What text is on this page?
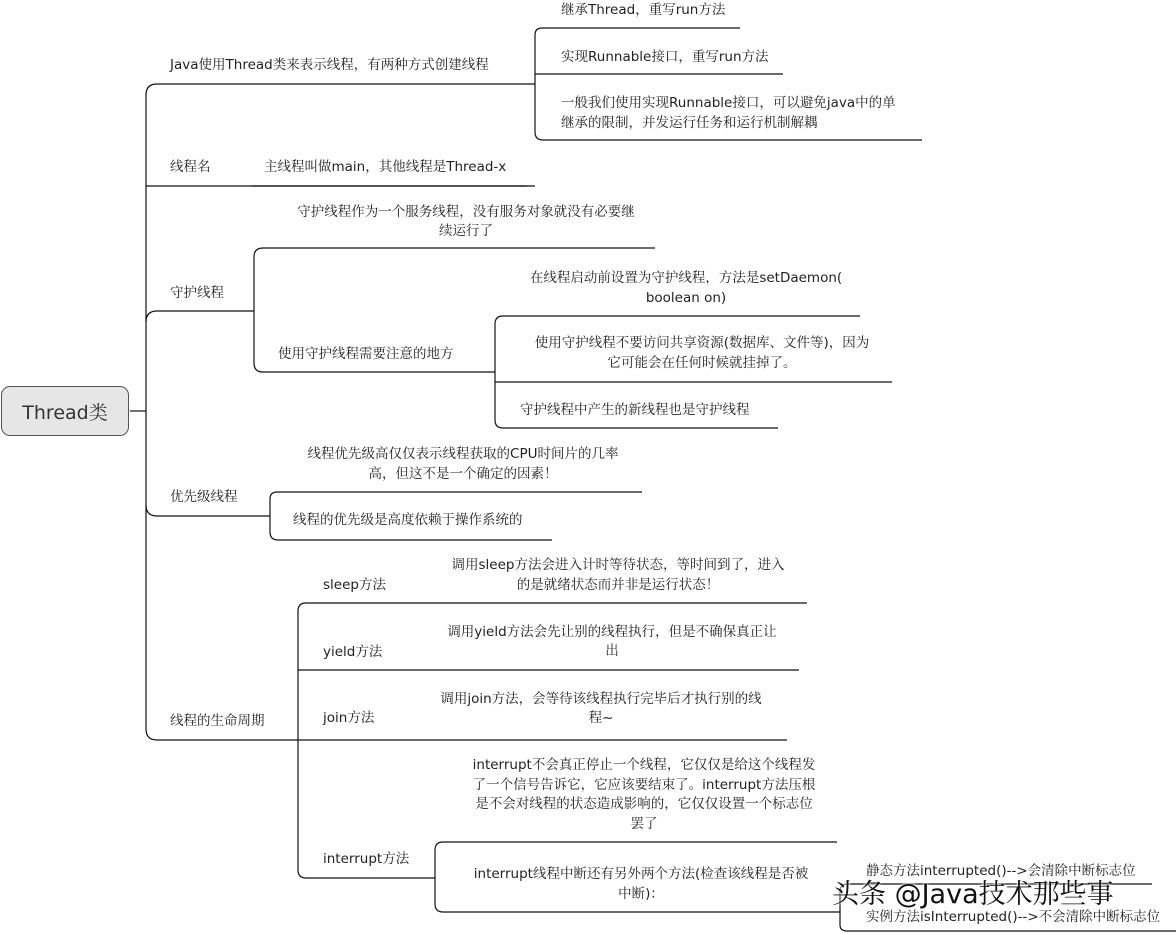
Thread类
Java使用Thread类来表示线程，有两种方式创建线程
继承Thread，重写run方法
实现Runnable接口，重写run方法
一般我们使用实现Runnable接口，可以避免java中的单
继承的限制，并发运行任务和运行机制解耦
线程名	主线程叫做main，其他线程是Thread-x
守护线程
守护线程作为一个服务线程，没有服务对象就没有必要继
续运行了
使用守护线程需要注意的地方
在线程启动前设置为守护线程，方法是setDaemon(
boolean on)
使用守护线程不要访问共享资源(数据库、文件等)，因为
它可能会在任何时候就挂掉了。
守护线程中产生的新线程也是守护线程
优先级线程
线程优先级高仅仅表示线程获取的CPU时间片的几率
高，但这不是一个确定的因素！
线程的优先级是高度依赖于操作系统的
线程的生命周期
sleep方法
调用sleep方法会进入计时等待状态，等时间到了，进入
的是就绪状态而并非是运行状态！
yield方法
调用yield方法会先让别的线程执行，但是不确保真正让
出
join方法
调用join方法，会等待该线程执行完毕后才执行别的线
程~
interrupt方法
interrupt不会真正停止一个线程，它仅仅是给这个线程发
了一个信号告诉它，它应该要结束了。interrupt方法压根
是不会对线程的状态造成影响的，它仅仅设置一个标志位
罢了
interrupt线程中断还有另外两个方法(检查该线程是否被
中断)：
静态方法interrupted()-->会清除中断标志位
实例方法isInterrupted()-->不会清除中断标志位
头条 @Java技术那些事
